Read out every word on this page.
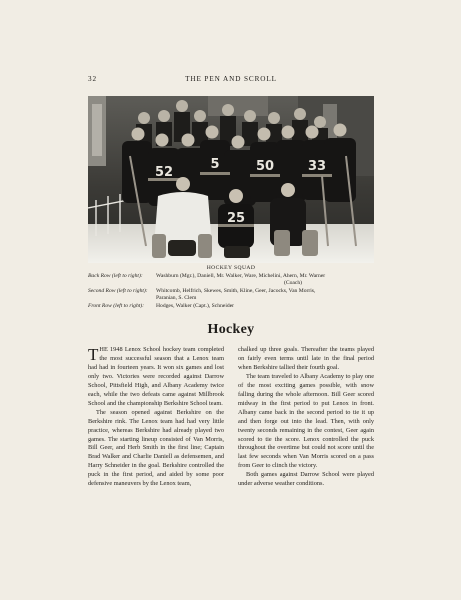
32	THE PEN AND SCROLL
52
5	50	33
25
HOCKEY SQUAD
Back Row (left to right):	Washburn (Mgr.), Daniell, Mr. Walker, Ware, Michelini, Ahern, Mr. Warner
(Coach)
Second Row (left to right):	Whitcomb, Helfrich, Skewes, Smith, Kline, Geer, Jacocks, Van Morris,
Paranian, S. Clem
Front Row (left to right):	Hodges, Walker (Capt.), Schneider
Hockey

THE 1948 Lenox School hockey team completed the most successful season that a Lenox team had had in fourteen years. It won six games and lost only two. Victories were recorded against Darrow School, Pittsfield High, and Albany Academy twice each, while the two defeats came against Millbrook School and the championship Berkshire School team.

The season opened against Berkshire on the Berkshire rink. The Lenox team had had very little practice, whereas Berkshire had already played two games. The starting lineup consisted of Van Morris, Bill Geer, and Herb Smith in the first line; Captain Brad Walker and Charlie Daniell as defensemen, and Harry Schneider in the goal. Berkshire controlled the puck in the first period, and aided by some poor defensive maneuvers by the Lenox team,

chalked up three goals. Thereafter the teams played on fairly even terms until late in the final period when Berkshire tallied their fourth goal.

The team traveled to Albany Academy to play one of the most exciting games possible, with snow falling during the whole afternoon. Bill Geer scored midway in the first period to put Lenox in front. Albany came back in the second period to tie it up and then forge out into the lead. Then, with only twenty seconds remaining in the contest, Geer again scored to tie the score. Lenox controlled the puck throughout the overtime but could not score until the last few seconds when Van Morris scored on a pass from Geer to clinch the victory.

Both games against Darrow School were played under adverse weather conditions.
